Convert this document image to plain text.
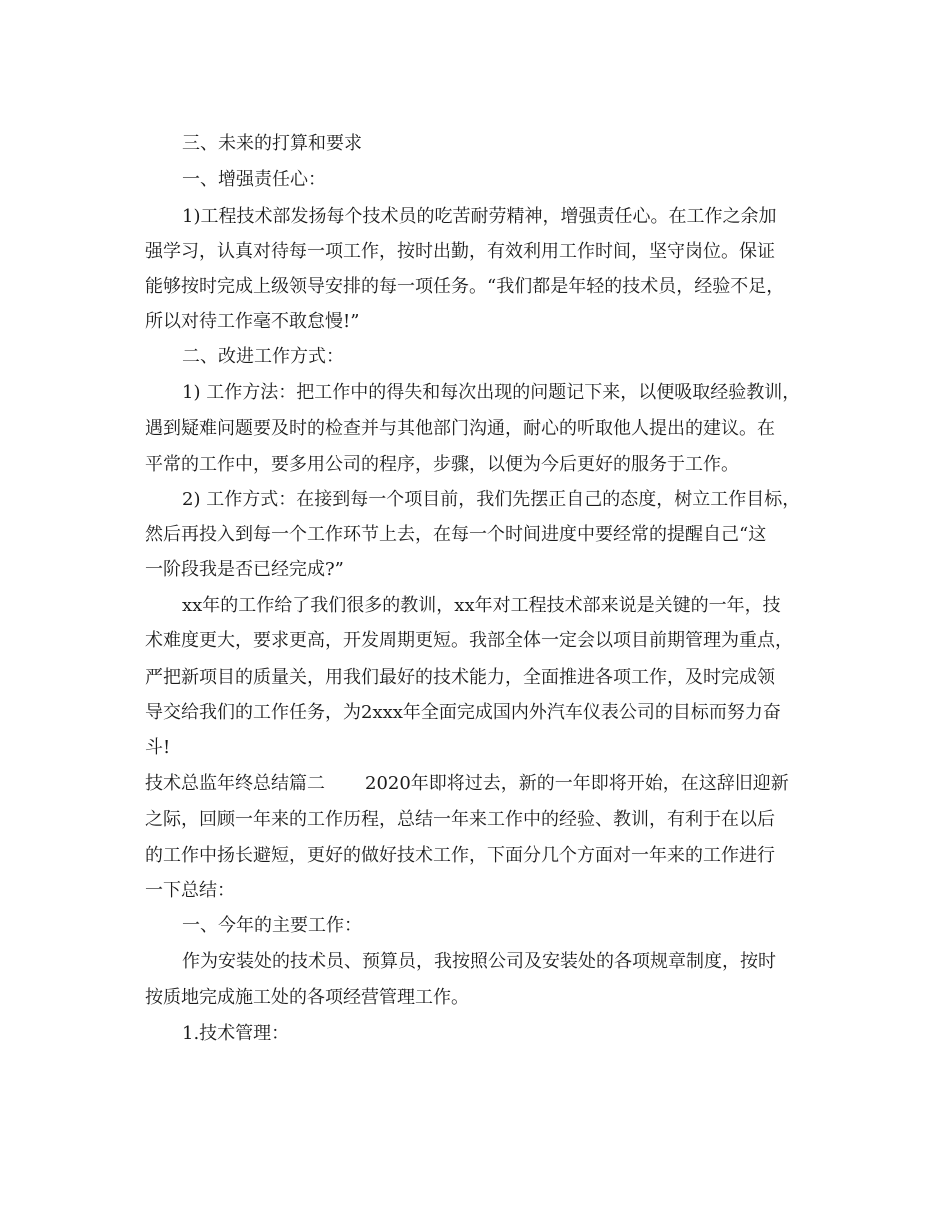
三、未来的打算和要求
一、增强责任心：
1)工程技术部发扬每个技术员的吃苦耐劳精神，增强责任心。在工作之余加
强学习，认真对待每一项工作，按时出勤，有效利用工作时间，坚守岗位。保证
能够按时完成上级领导安排的每一项任务。“我们都是年轻的技术员，经验不足，
所以对待工作毫不敢怠慢!”
二、改进工作方式：
1) 工作方法：把工作中的得失和每次出现的问题记下来，以便吸取经验教训，
遇到疑难问题要及时的检查并与其他部门沟通，耐心的听取他人提出的建议。在
平常的工作中，要多用公司的程序，步骤，以便为今后更好的服务于工作。
2) 工作方式：在接到每一个项目前，我们先摆正自己的态度，树立工作目标，
然后再投入到每一个工作环节上去，在每一个时间进度中要经常的提醒自己“这
一阶段我是否已经完成?”
xx年的工作给了我们很多的教训，xx年对工程技术部来说是关键的一年，技
术难度更大，要求更高，开发周期更短。我部全体一定会以项目前期管理为重点，
严把新项目的质量关，用我们最好的技术能力，全面推进各项工作，及时完成领
导交给我们的工作任务，为2xxx年全面完成国内外汽车仪表公司的目标而努力奋
斗!
技术总监年终总结篇二 2020年即将过去，新的一年即将开始，在这辞旧迎新
之际，回顾一年来的工作历程，总结一年来工作中的经验、教训，有利于在以后
的工作中扬长避短，更好的做好技术工作，下面分几个方面对一年来的工作进行
一下总结：
一、今年的主要工作：
作为安装处的技术员、预算员，我按照公司及安装处的各项规章制度，按时
按质地完成施工处的各项经营管理工作。
1.技术管理：
